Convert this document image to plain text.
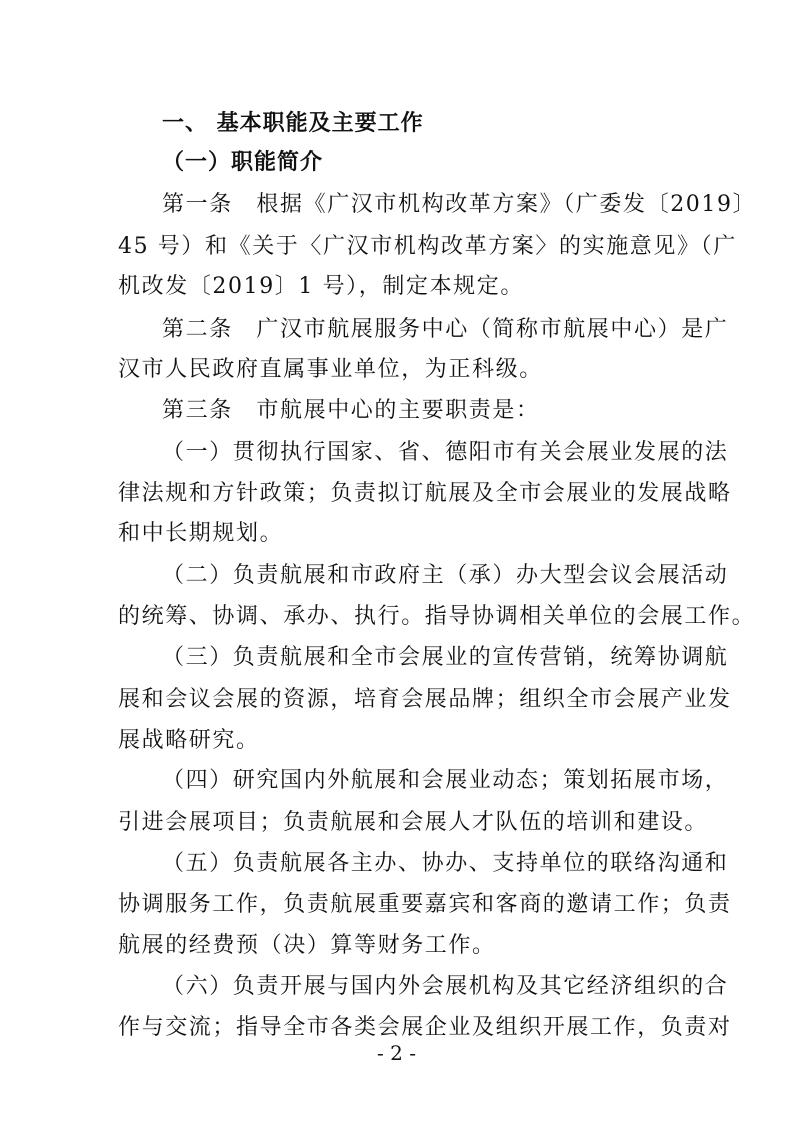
一、 基本职能及主要工作
（一）职能简介
第一条　根据《广汉市机构改革方案》（广委发〔2019〕
45 号）和《关于〈广汉市机构改革方案〉的实施意见》（广
机改发〔2019〕1 号），制定本规定。
第二条　广汉市航展服务中心（简称市航展中心）是广
汉市人民政府直属事业单位，为正科级。
第三条　市航展中心的主要职责是：
（一）贯彻执行国家、省、德阳市有关会展业发展的法
律法规和方针政策；负责拟订航展及全市会展业的发展战略
和中长期规划。
（二）负责航展和市政府主（承）办大型会议会展活动
的统筹、协调、承办、执行。指导协调相关单位的会展工作。
（三）负责航展和全市会展业的宣传营销，统筹协调航
展和会议会展的资源，培育会展品牌；组织全市会展产业发
展战略研究。
（四）研究国内外航展和会展业动态；策划拓展市场，
引进会展项目；负责航展和会展人才队伍的培训和建设。
（五）负责航展各主办、协办、支持单位的联络沟通和
协调服务工作，负责航展重要嘉宾和客商的邀请工作；负责
航展的经费预（决）算等财务工作。
（六）负责开展与国内外会展机构及其它经济组织的合
作与交流；指导全市各类会展企业及组织开展工作，负责对
- 2 -
